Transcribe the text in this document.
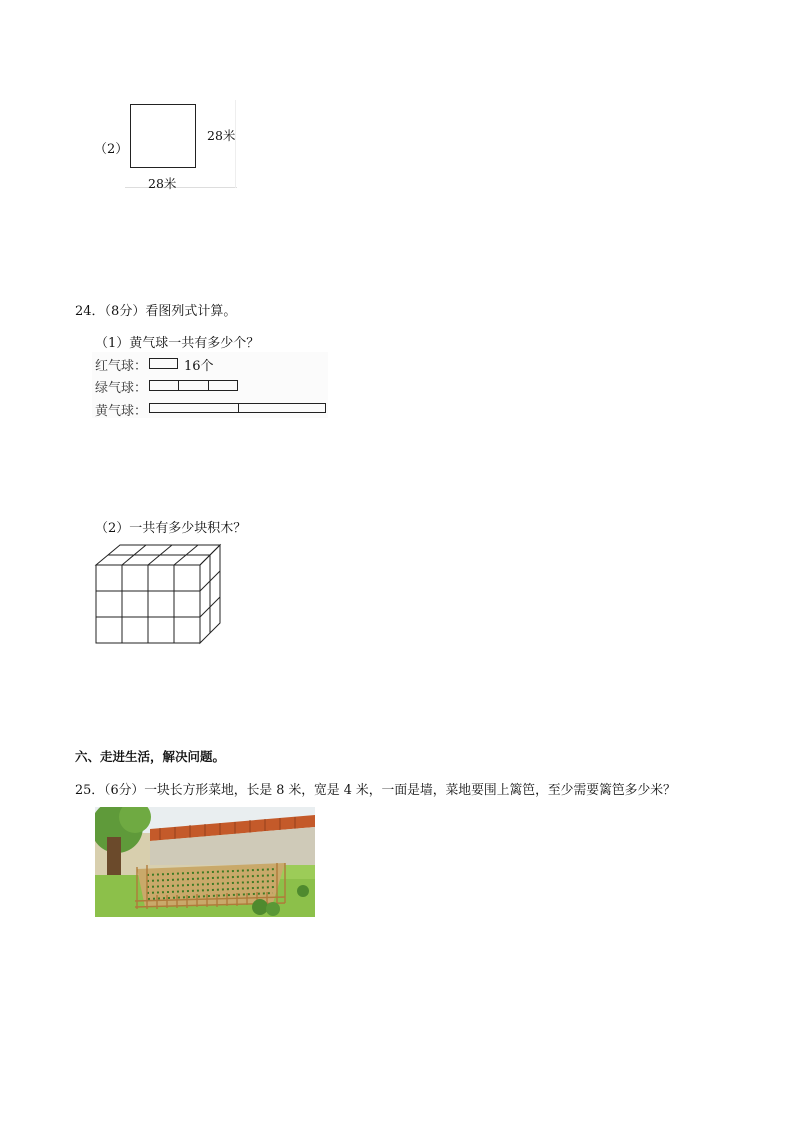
（2）
28米
28米
24．（8分）看图列式计算。
（1）黄气球一共有多少个？
红气球：	16个
绿气球：
黄气球：
（2）一共有多少块积木？
六、走进生活，解决问题。
25．（6分）一块长方形菜地，长是 8 米，宽是 4 米，一面是墙，菜地要围上篱笆，至少需要篱笆多少米？
